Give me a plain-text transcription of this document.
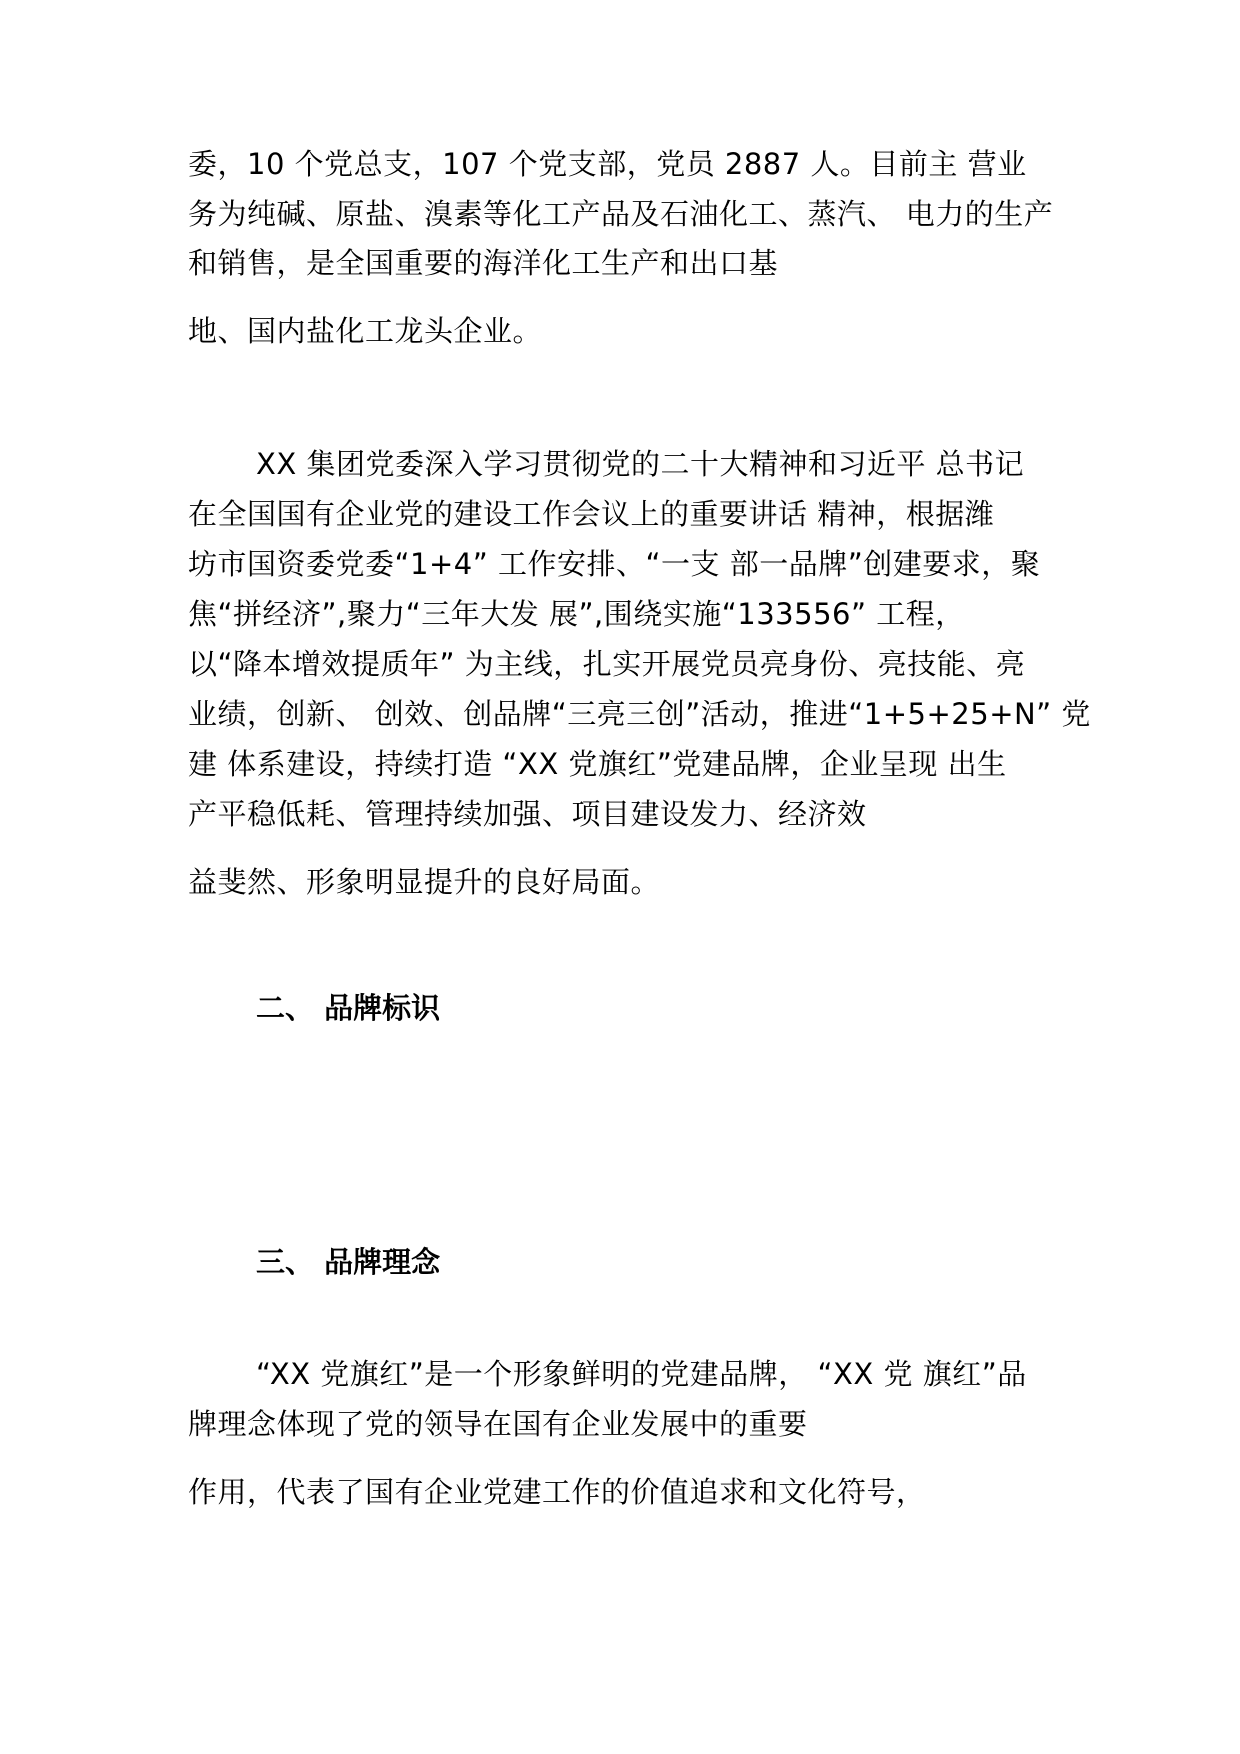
委，10 个党总支，107 个党支部，党员 2887 人。目前主 营业
务为纯碱、原盐、溴素等化工产品及石油化工、蒸汽、 电力的生产
和销售，是全国重要的海洋化工生产和出口基
地、国内盐化工龙头企业。
XX 集团党委深入学习贯彻党的二十大精神和习近平 总书记
在全国国有企业党的建设工作会议上的重要讲话 精神，根据潍
坊市国资委党委“1+4” 工作安排、“一支 部一品牌”创建要求，聚
焦“拼经济”,聚力“三年大发 展”,围绕实施“133556” 工程，
以“降本增效提质年” 为主线，扎实开展党员亮身份、亮技能、亮
业绩，创新、 创效、创品牌“三亮三创”活动，推进“1+5+25+N” 党
建 体系建设，持续打造 “XX 党旗红”党建品牌，企业呈现 出生
产平稳低耗、管理持续加强、项目建设发力、经济效
益斐然、形象明显提升的良好局面。
二、 品牌标识
三、 品牌理念
“XX 党旗红”是一个形象鲜明的党建品牌， “XX 党 旗红”品
牌理念体现了党的领导在国有企业发展中的重要
作用，代表了国有企业党建工作的价值追求和文化符号，
